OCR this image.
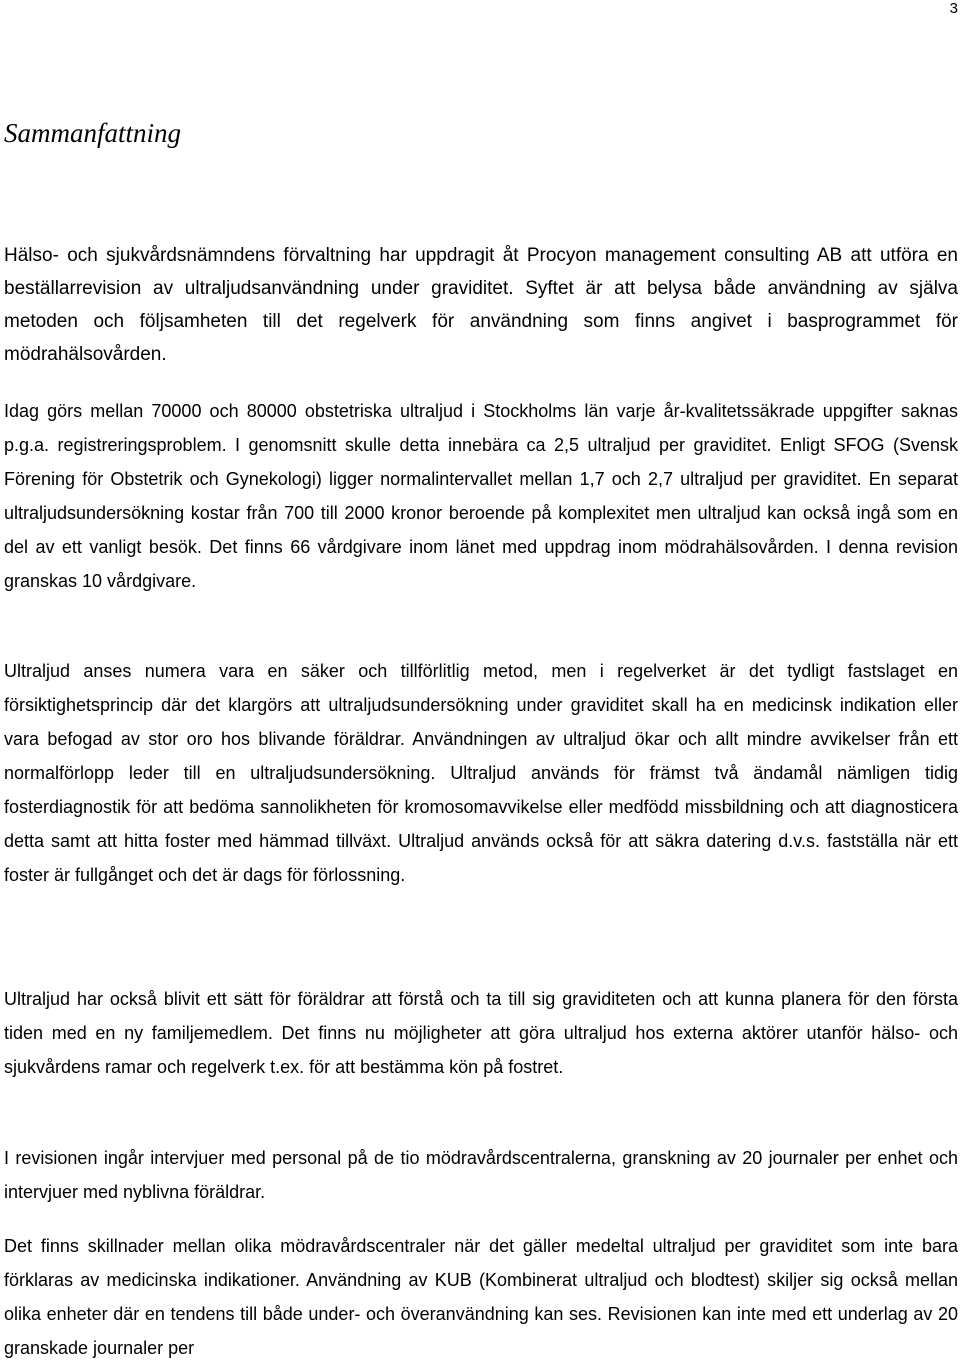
3
Sammanfattning

Hälso- och sjukvårdsnämndens förvaltning har uppdragit åt Procyon management consulting AB att utföra en beställarrevision av ultraljudsanvändning under graviditet. Syftet är att belysa både användning av själva metoden och följsamheten till det regelverk för användning som finns angivet i basprogrammet för mödrahälsovården.

Idag görs mellan 70000 och 80000 obstetriska ultraljud i Stockholms län varje år-kvalitetssäkrade uppgifter saknas p.g.a. registreringsproblem. I genomsnitt skulle detta innebära ca 2,5 ultraljud per graviditet. Enligt SFOG (Svensk Förening för Obstetrik och Gynekologi) ligger normalintervallet mellan 1,7 och 2,7 ultraljud per graviditet. En separat ultraljudsundersökning kostar från 700 till 2000 kronor beroende på komplexitet men ultraljud kan också ingå som en del av ett vanligt besök. Det finns 66 vårdgivare inom länet med uppdrag inom mödrahälsovården. I denna revision granskas 10 vårdgivare.

Ultraljud anses numera vara en säker och tillförlitlig metod, men i regelverket är det tydligt fastslaget en försiktighetsprincip där det klargörs att ultraljudsundersökning under graviditet skall ha en medicinsk indikation eller vara befogad av stor oro hos blivande föräldrar. Användningen av ultraljud ökar och allt mindre avvikelser från ett normalförlopp leder till en ultraljudsundersökning. Ultraljud används för främst två ändamål nämligen tidig fosterdiagnostik för att bedöma sannolikheten för kromosomavvikelse eller medfödd missbildning och att diagnosticera detta samt att hitta foster med hämmad tillväxt. Ultraljud används också för att säkra datering d.v.s. fastställa när ett foster är fullgånget och det är dags för förlossning.

Ultraljud har också blivit ett sätt för föräldrar att förstå och ta till sig graviditeten och att kunna planera för den första tiden med en ny familjemedlem. Det finns nu möjligheter att göra ultraljud hos externa aktörer utanför hälso- och sjukvårdens ramar och regelverk t.ex. för att bestämma kön på fostret.

I revisionen ingår intervjuer med personal på de tio mödravårdscentralerna, granskning av 20 journaler per enhet och intervjuer med nyblivna föräldrar.

Det finns skillnader mellan olika mödravårdscentraler när det gäller medeltal ultraljud per graviditet som inte bara förklaras av medicinska indikationer. Användning av KUB (Kombinerat ultraljud och blodtest) skiljer sig också mellan olika enheter där en tendens till både under- och överanvändning kan ses. Revisionen kan inte med ett underlag av 20 granskade journaler per
